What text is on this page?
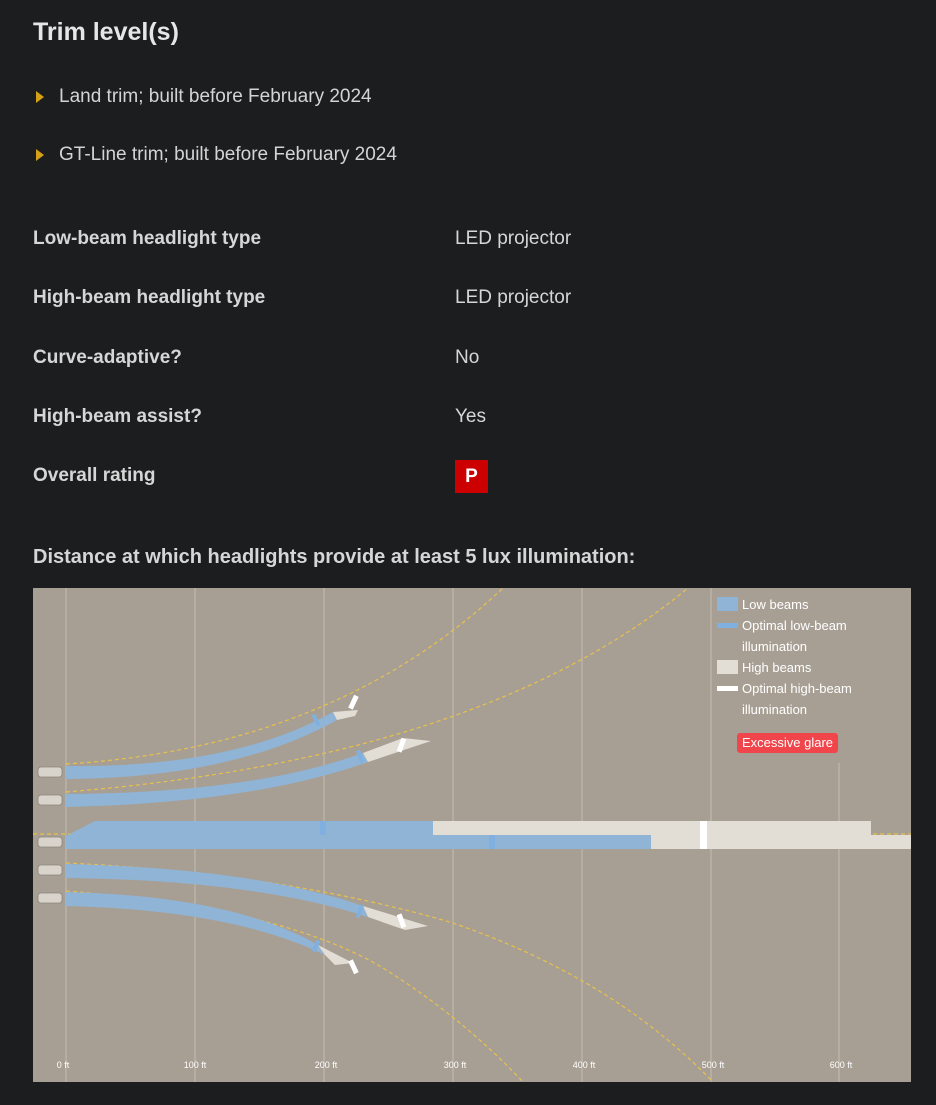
Trim level(s)
Land trim; built before February 2024
GT-Line trim; built before February 2024
Low-beam headlight type	LED projector
High-beam headlight type	LED projector
Curve-adaptive?	No
High-beam assist?	Yes
Overall rating	P
Distance at which headlights provide at least 5 lux illumination:
Low beams
Optimal low-beam illumination
High beams
Optimal high-beam illumination
Excessive glare
0 ft	100 ft	200 ft	300 ft	400 ft	500 ft	600 ft
